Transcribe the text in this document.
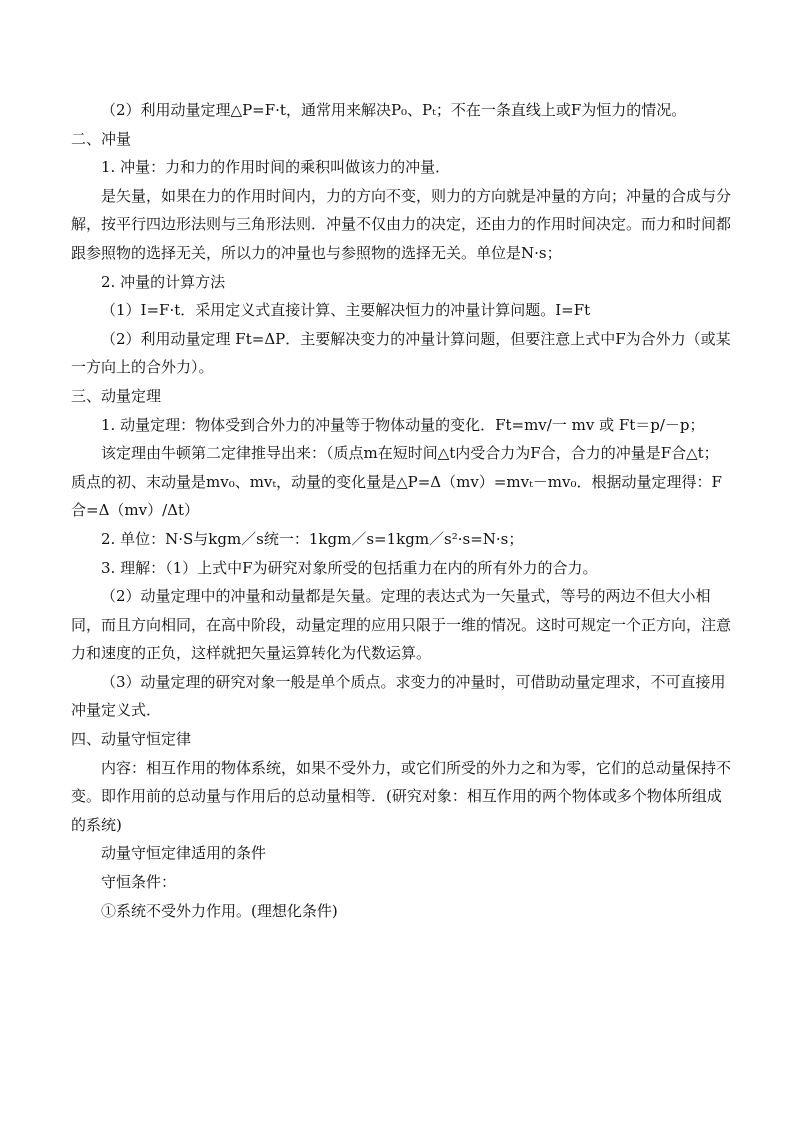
（2）利用动量定理△P=F·t，通常用来解决P₀、Pₜ；不在一条直线上或F为恒力的情况。

二、冲量

1. 冲量：力和力的作用时间的乘积叫做该力的冲量．

是矢量，如果在力的作用时间内，力的方向不变，则力的方向就是冲量的方向；冲量的合成与分解，按平行四边形法则与三角形法则．冲量不仅由力的决定，还由力的作用时间决定。而力和时间都跟参照物的选择无关，所以力的冲量也与参照物的选择无关。单位是N·s；

2. 冲量的计算方法

（1）I=F·t．采用定义式直接计算、主要解决恒力的冲量计算问题。I=Ft

（2）利用动量定理 Ft=ΔP．主要解决变力的冲量计算问题，但要注意上式中F为合外力（或某一方向上的合外力）。

三、动量定理

1. 动量定理：物体受到合外力的冲量等于物体动量的变化．Ft=mv/一 mv 或 Ft＝p/－p；

该定理由牛顿第二定律推导出来：（质点m在短时间△t内受合力为F合，合力的冲量是F合△t；质点的初、末动量是mv₀、mvₜ，动量的变化量是△P=Δ（mv）=mvₜ－mv₀．根据动量定理得：F合=Δ（mv）/Δt）

2. 单位：N·S与kgm／s统一：1kgm／s=1kgm／s²·s=N·s；

3. 理解：（1）上式中F为研究对象所受的包括重力在内的所有外力的合力。

（2）动量定理中的冲量和动量都是矢量。定理的表达式为一矢量式，等号的两边不但大小相同，而且方向相同，在高中阶段，动量定理的应用只限于一维的情况。这时可规定一个正方向，注意力和速度的正负，这样就把矢量运算转化为代数运算。

（3）动量定理的研究对象一般是单个质点。求变力的冲量时，可借助动量定理求，不可直接用冲量定义式．

四、动量守恒定律

内容：相互作用的物体系统，如果不受外力，或它们所受的外力之和为零，它们的总动量保持不变。即作用前的总动量与作用后的总动量相等．(研究对象：相互作用的两个物体或多个物体所组成的系统)

动量守恒定律适用的条件

守恒条件：

①系统不受外力作用。(理想化条件)
